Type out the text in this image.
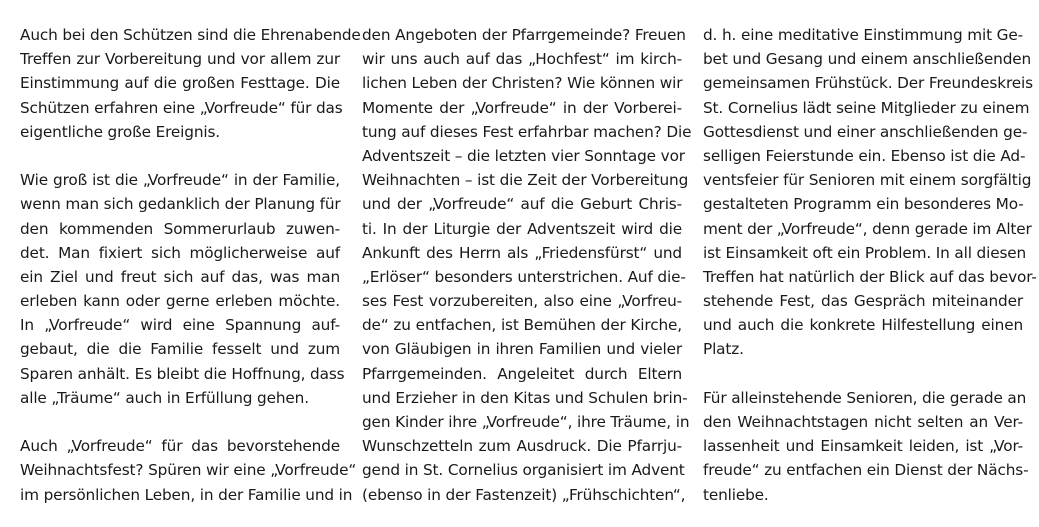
Auch bei den Schützen sind die Ehrenabende
Treffen zur Vorbereitung und vor allem zur
Einstimmung auf die großen Festtage. Die
Schützen erfahren eine „Vorfreude“ für das
eigentliche große Ereignis.
Wie groß ist die „Vorfreude“ in der Familie,
wenn man sich gedanklich der Planung für
den kommenden Sommerurlaub zuwen-
det. Man fixiert sich möglicherweise auf
ein Ziel und freut sich auf das, was man
erleben kann oder gerne erleben möchte.
In „Vorfreude“ wird eine Spannung auf-
gebaut, die die Familie fesselt und zum
Sparen anhält. Es bleibt die Hoffnung, dass
alle „Träume“ auch in Erfüllung gehen.
Auch „Vorfreude“ für das bevorstehende
Weihnachtsfest? Spüren wir eine „Vorfreude“
im persönlichen Leben, in der Familie und in
den Angeboten der Pfarrgemeinde? Freuen
wir uns auch auf das „Hochfest“ im kirch-
lichen Leben der Christen? Wie können wir
Momente der „Vorfreude“ in der Vorberei-
tung auf dieses Fest erfahrbar machen? Die
Adventszeit – die letzten vier Sonntage vor
Weihnachten – ist die Zeit der Vorbereitung
und der „Vorfreude“ auf die Geburt Chris-
ti. In der Liturgie der Adventszeit wird die
Ankunft des Herrn als „Friedensfürst“ und
„Erlöser“ besonders unterstrichen. Auf die-
ses Fest vorzubereiten, also eine „Vorfreu-
de“ zu entfachen, ist Bemühen der Kirche,
von Gläubigen in ihren Familien und vieler
Pfarrgemeinden. Angeleitet durch Eltern
und Erzieher in den Kitas und Schulen brin-
gen Kinder ihre „Vorfreude“, ihre Träume, in
Wunschzetteln zum Ausdruck. Die Pfarrju-
gend in St. Cornelius organisiert im Advent
(ebenso in der Fastenzeit) „Frühschichten“,
d. h. eine meditative Einstimmung mit Ge-
bet und Gesang und einem anschließenden
gemeinsamen Frühstück. Der Freundeskreis
St. Cornelius lädt seine Mitglieder zu einem
Gottesdienst und einer anschließenden ge-
selligen Feierstunde ein. Ebenso ist die Ad-
ventsfeier für Senioren mit einem sorgfältig
gestalteten Programm ein besonderes Mo-
ment der „Vorfreude“, denn gerade im Alter
ist Einsamkeit oft ein Problem. In all diesen
Treffen hat natürlich der Blick auf das bevor-
stehende Fest, das Gespräch miteinander
und auch die konkrete Hilfestellung einen
Platz.
Für alleinstehende Senioren, die gerade an
den Weihnachtstagen nicht selten an Ver-
lassenheit und Einsamkeit leiden, ist „Vor-
freude“ zu entfachen ein Dienst der Nächs-
tenliebe.
